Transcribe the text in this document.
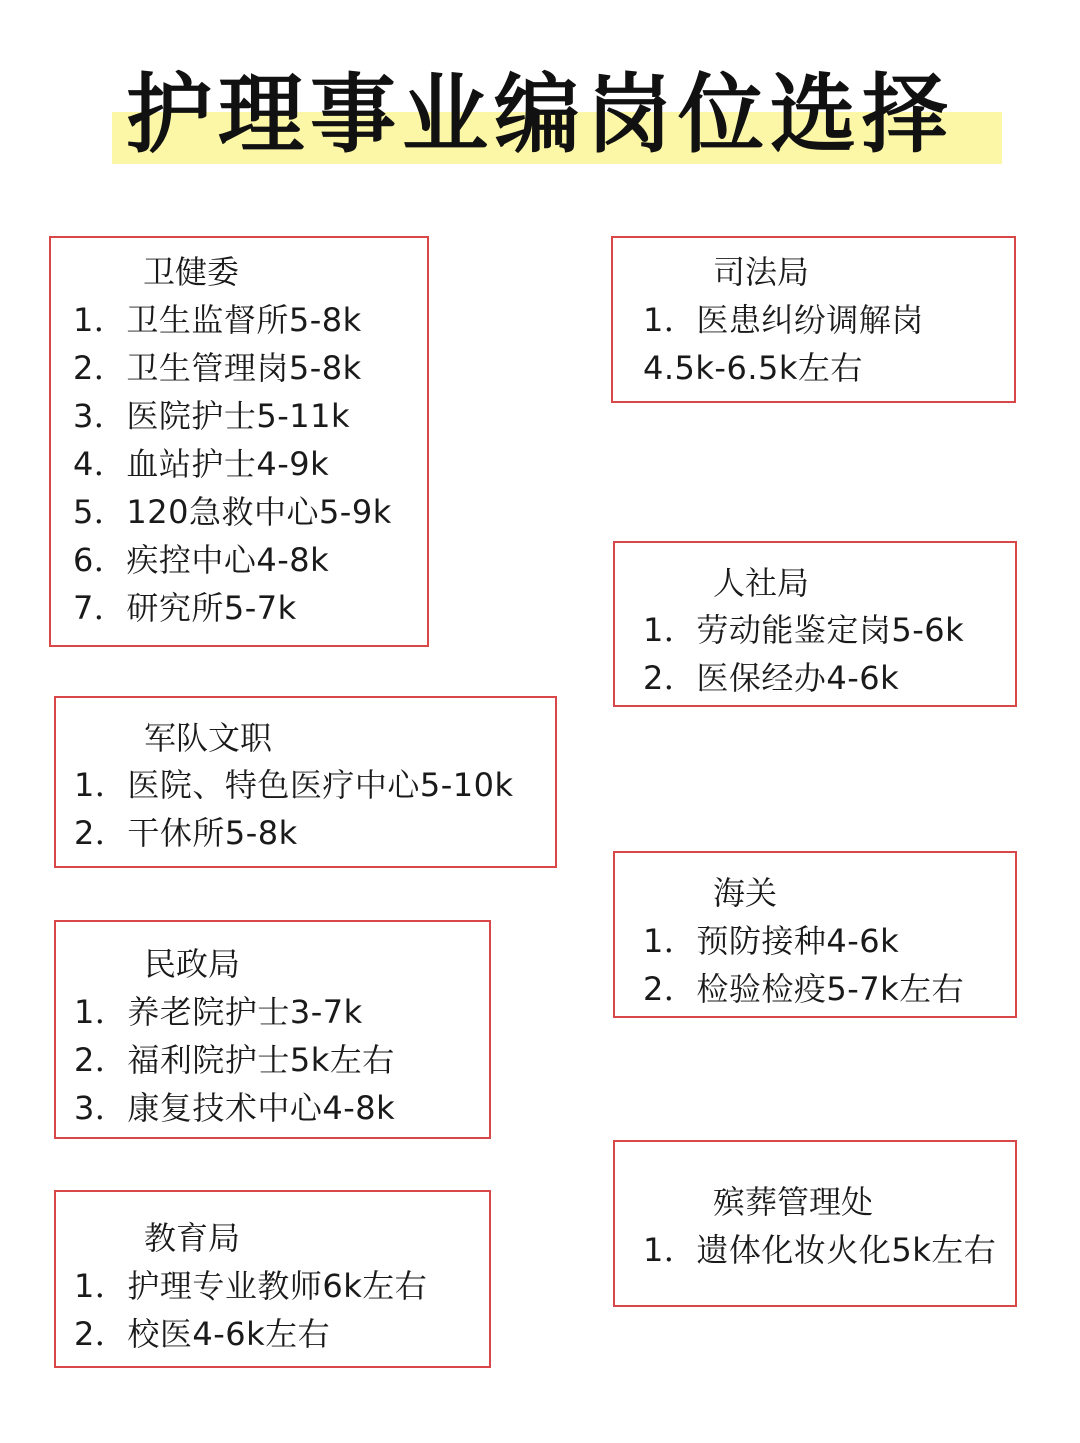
护理事业编岗位选择
卫健委
1．卫生监督所5-8k
2．卫生管理岗5-8k
3．医院护士5-11k
4．血站护士4-9k
5．120急救中心5-9k
6．疾控中心4-8k
7．研究所5-7k
司法局
1．医患纠纷调解岗
4.5k-6.5k左右
人社局
1．劳动能鉴定岗5-6k
2．医保经办4-6k
军队文职
1．医院、特色医疗中心5-10k
2．干休所5-8k
海关
1．预防接种4-6k
2．检验检疫5-7k左右
民政局
1．养老院护士3-7k
2．福利院护士5k左右
3．康复技术中心4-8k
殡葬管理处
1．遗体化妆火化5k左右
教育局
1．护理专业教师6k左右
2．校医4-6k左右
